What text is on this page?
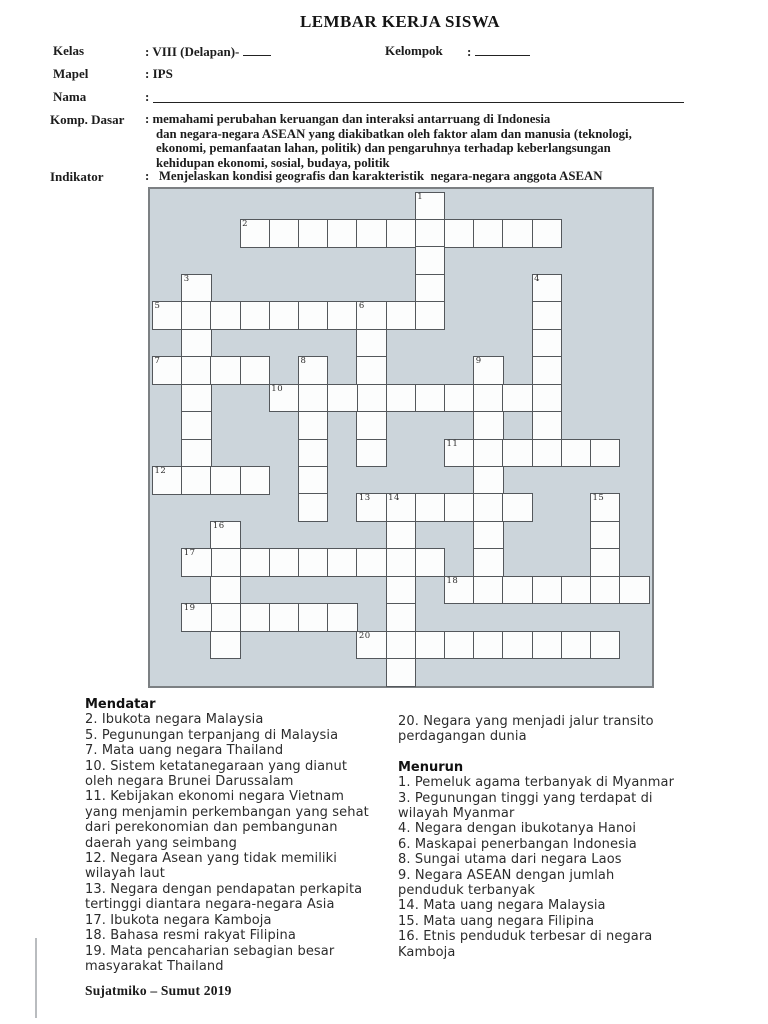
LEMBAR KERJA SISWA
Kelas	: VIII (Delapan)-	Kelompok :
Mapel	: IPS
Nama	:
Komp. Dasar : memahami perubahan keruangan dan interaksi antarruang di Indonesia
dan negara-negara ASEAN yang diakibatkan oleh faktor alam dan manusia (teknologi,
ekonomi, pemanfaatan lahan, politik) dan pengaruhnya terhadap keberlangsungan
kehidupan ekonomi, sosial, budaya, politik
Indikator	:   Menjelaskan kondisi geografis dan karakteristik  negara-negara anggota ASEAN
1
2
3	4
5	6
7	8	9
10
11
12
13 14	15
16
17
18
19
20
Mendatar
2. Ibukota negara Malaysia
5. Pegunungan terpanjang di Malaysia
7. Mata uang negara Thailand
10. Sistem ketatanegaraan yang dianut
oleh negara Brunei Darussalam
11. Kebijakan ekonomi negara Vietnam
yang menjamin perkembangan yang sehat
dari perekonomian dan pembangunan
daerah yang seimbang
12. Negara Asean yang tidak memiliki
wilayah laut
13. Negara dengan pendapatan perkapita
tertinggi diantara negara-negara Asia
17. Ibukota negara Kamboja
18. Bahasa resmi rakyat Filipina
19. Mata pencaharian sebagian besar
masyarakat Thailand
20. Negara yang menjadi jalur transito
perdagangan dunia
Menurun
1. Pemeluk agama terbanyak di Myanmar
3. Pegunungan tinggi yang terdapat di
wilayah Myanmar
4. Negara dengan ibukotanya Hanoi
6. Maskapai penerbangan Indonesia
8. Sungai utama dari negara Laos
9. Negara ASEAN dengan jumlah
penduduk terbanyak
14. Mata uang negara Malaysia
15. Mata uang negara Filipina
16. Etnis penduduk terbesar di negara
Kamboja
Sujatmiko – Sumut 2019
